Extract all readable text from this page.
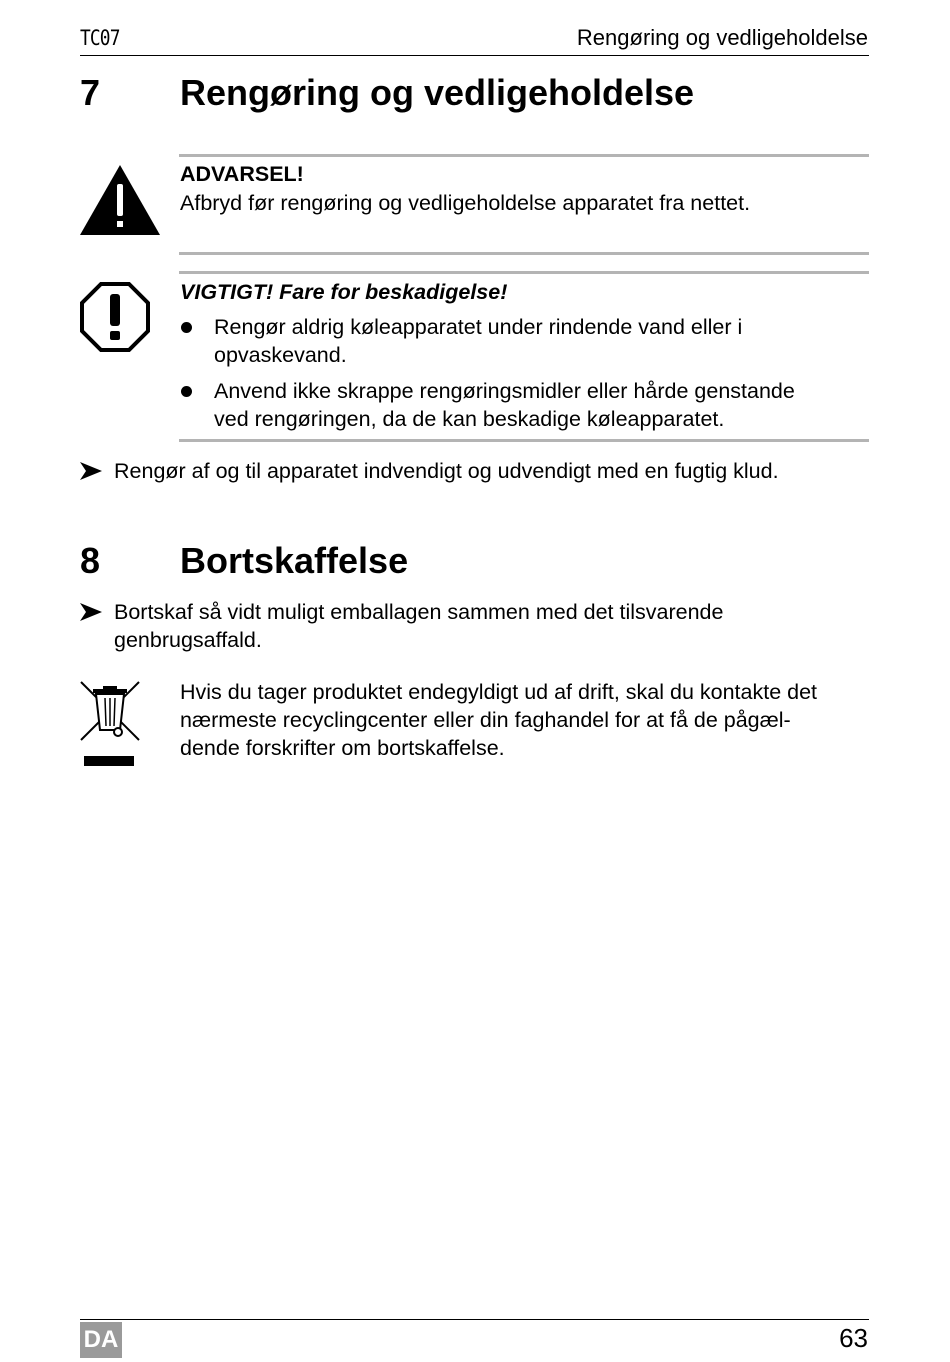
TC07	Rengøring og vedligeholdelse
7 Rengøring og vedligeholdelse
ADVARSEL!
Afbryd før rengøring og vedligeholdelse apparatet fra nettet.
VIGTIGT! Fare for beskadigelse!
Rengør aldrig køleapparatet under rindende vand eller i
opvaskevand.
Anvend ikke skrappe rengøringsmidler eller hårde genstande
ved rengøringen, da de kan beskadige køleapparatet.
Rengør af og til apparatet indvendigt og udvendigt med en fugtig klud.
8 Bortskaffelse
Bortskaf så vidt muligt emballagen sammen med det tilsvarende
genbrugsaffald.
Hvis du tager produktet endegyldigt ud af drift, skal du kontakte det
nærmeste recyclingcenter eller din faghandel for at få de pågæl-
dende forskrifter om bortskaffelse.
DA	63
